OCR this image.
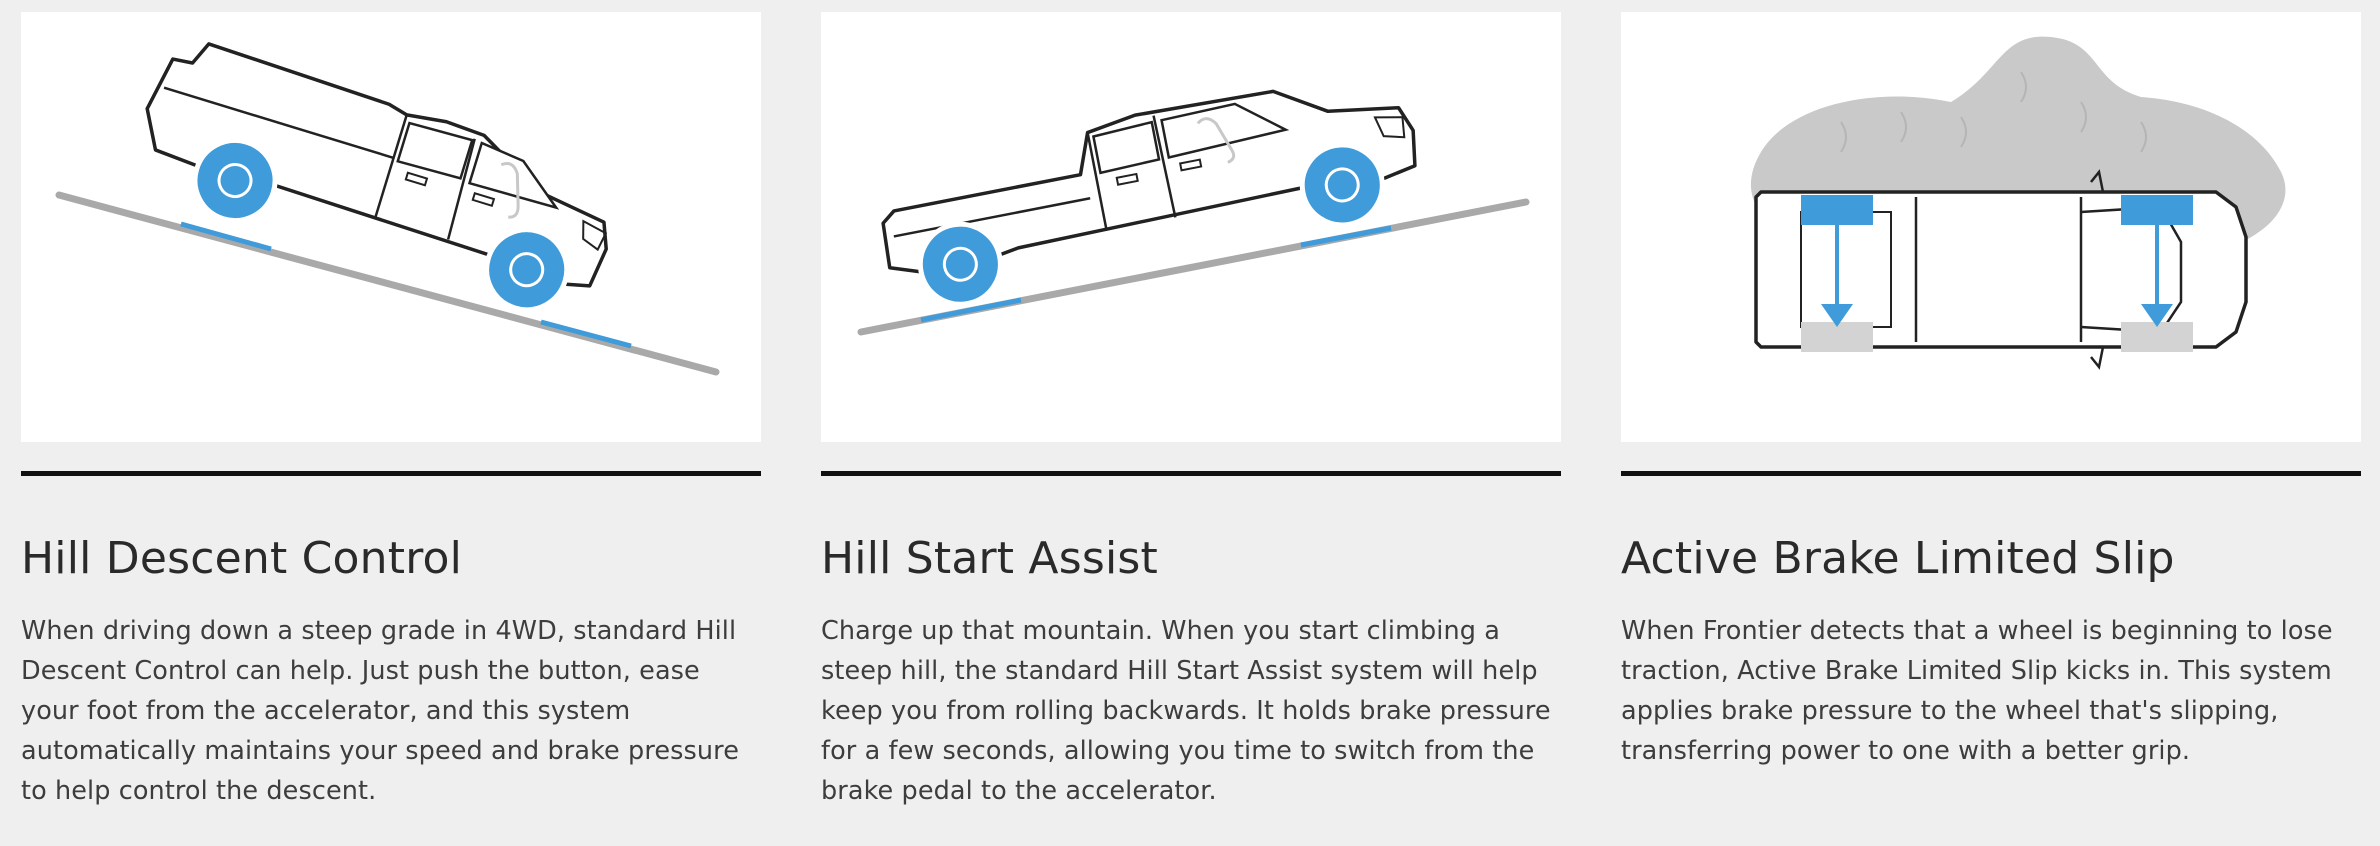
Hill Descent Control

When driving down a steep grade in 4WD, standard Hill Descent Control can help. Just push the button, ease your foot from the accelerator, and this system automatically maintains your speed and brake pressure to help control the descent.

Hill Start Assist

Charge up that mountain. When you start climbing a steep hill, the standard Hill Start Assist system will help keep you from rolling backwards. It holds brake pressure for a few seconds, allowing you time to switch from the brake pedal to the accelerator.

Active Brake Limited Slip

When Frontier detects that a wheel is beginning to lose traction, Active Brake Limited Slip kicks in. This system applies brake pressure to the wheel that's slipping, transferring power to one with a better grip.
